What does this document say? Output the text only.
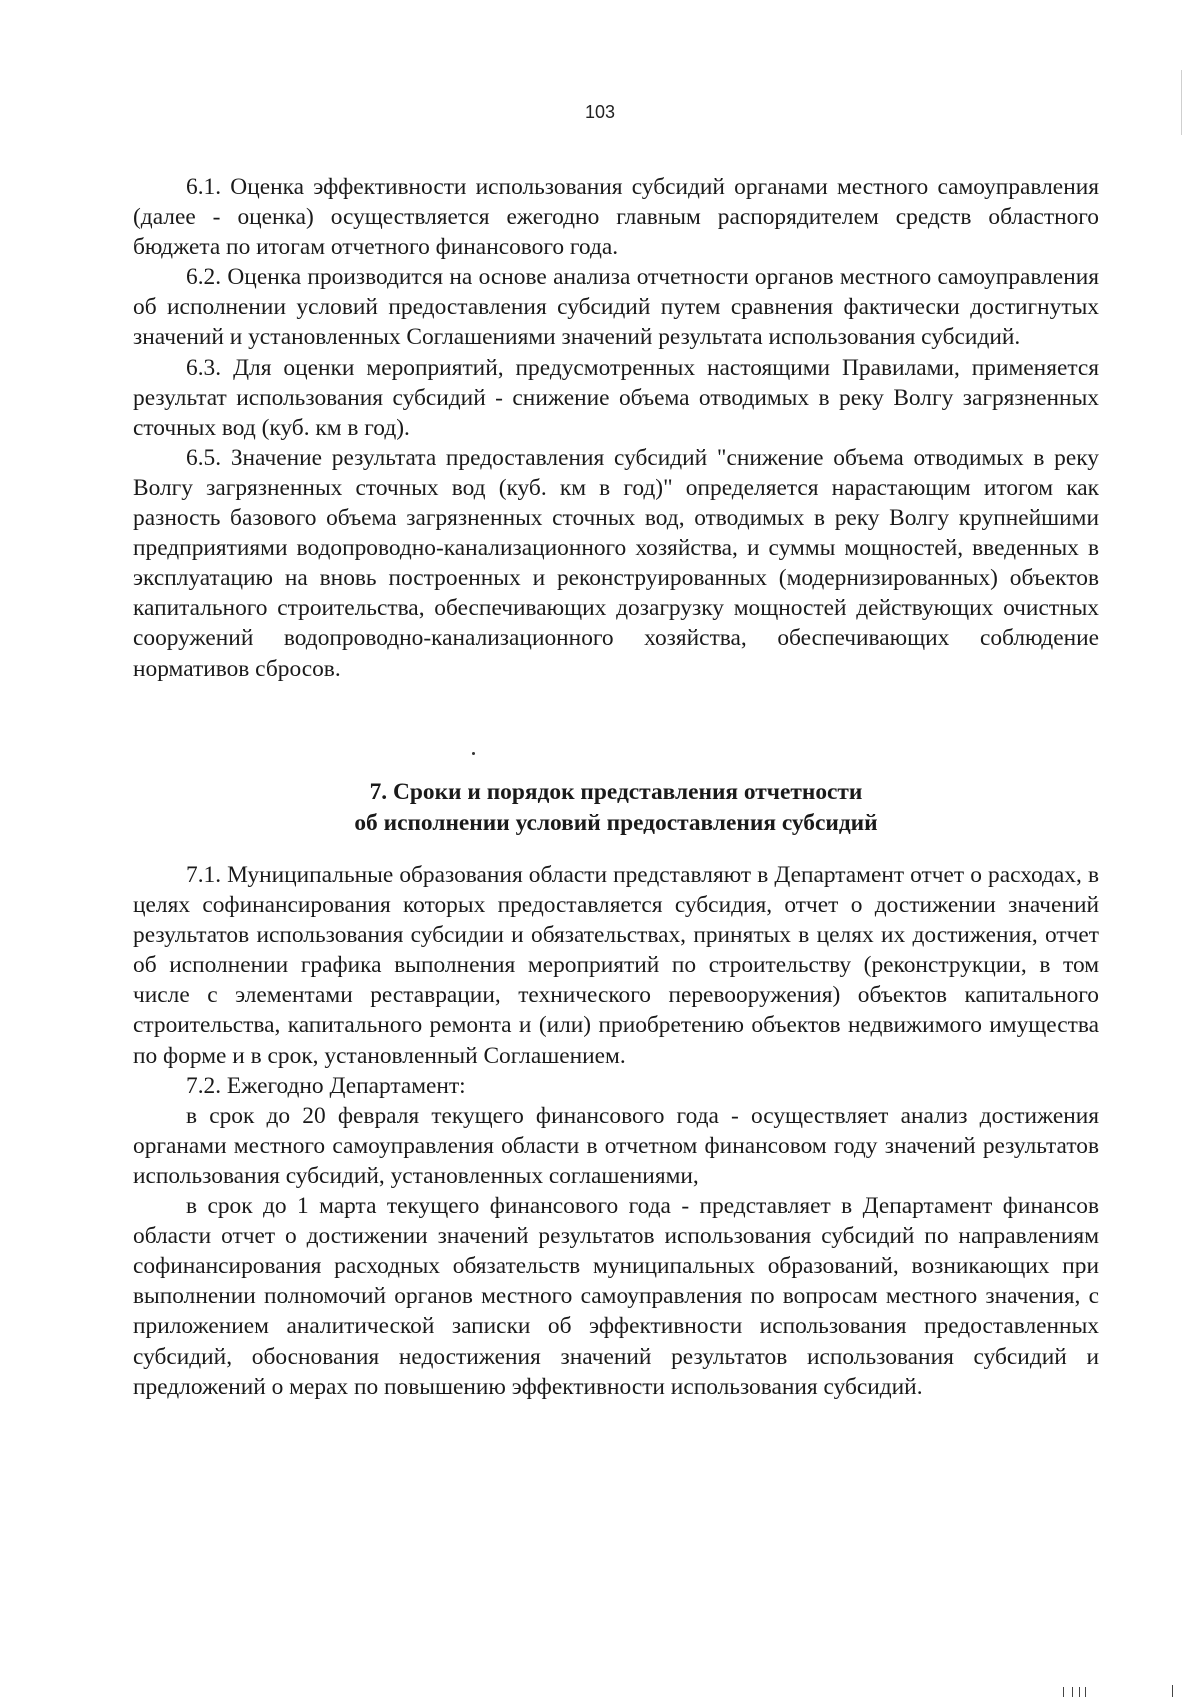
103

6.1. Оценка эффективности использования субсидий органами местного самоуправления (далее - оценка) осуществляется ежегодно главным распорядителем средств областного бюджета по итогам отчетного финансового года.

6.2. Оценка производится на основе анализа отчетности органов местного самоуправления об исполнении условий предоставления субсидий путем сравнения фактически достигнутых значений и установленных Соглашениями значений результата использования субсидий.

6.3. Для оценки мероприятий, предусмотренных настоящими Правилами, применяется результат использования субсидий - снижение объема отводимых в реку Волгу загрязненных сточных вод (куб. км в год).

6.5. Значение результата предоставления субсидий "снижение объема отводимых в реку Волгу загрязненных сточных вод (куб. км в год)" определяется нарастающим итогом как разность базового объема загрязненных сточных вод, отводимых в реку Волгу крупнейшими предприятиями водопроводно-канализационного хозяйства, и суммы мощностей, введенных в эксплуатацию на вновь построенных и реконструированных (модернизированных) объектов капитального строительства, обеспечивающих дозагрузку мощностей действующих очистных сооружений водопроводно-канализационного хозяйства, обеспечивающих соблюдение нормативов сбросов.

7. Сроки и порядок представления отчетности
об исполнении условий предоставления субсидий

7.1. Муниципальные образования области представляют в Департамент отчет о расходах, в целях софинансирования которых предоставляется субсидия, отчет о достижении значений результатов использования субсидии и обязательствах, принятых в целях их достижения, отчет об исполнении графика выполнения мероприятий по строительству (реконструкции, в том числе с элементами реставрации, технического перевооружения) объектов капитального строительства, капитального ремонта и (или) приобретению объектов недвижимого имущества по форме и в срок, установленный Соглашением.

7.2. Ежегодно Департамент:

в срок до 20 февраля текущего финансового года - осуществляет анализ достижения органами местного самоуправления области в отчетном финансовом году значений результатов использования субсидий, установленных соглашениями,

в срок до 1 марта текущего финансового года - представляет в Департамент финансов области отчет о достижении значений результатов использования субсидий по направлениям софинансирования расходных обязательств муниципальных образований, возникающих при выполнении полномочий органов местного самоуправления по вопросам местного значения, с приложением аналитической записки об эффективности использования предоставленных субсидий, обоснования недостижения значений результатов использования субсидий и предложений о мерах по повышению эффективности использования субсидий.
